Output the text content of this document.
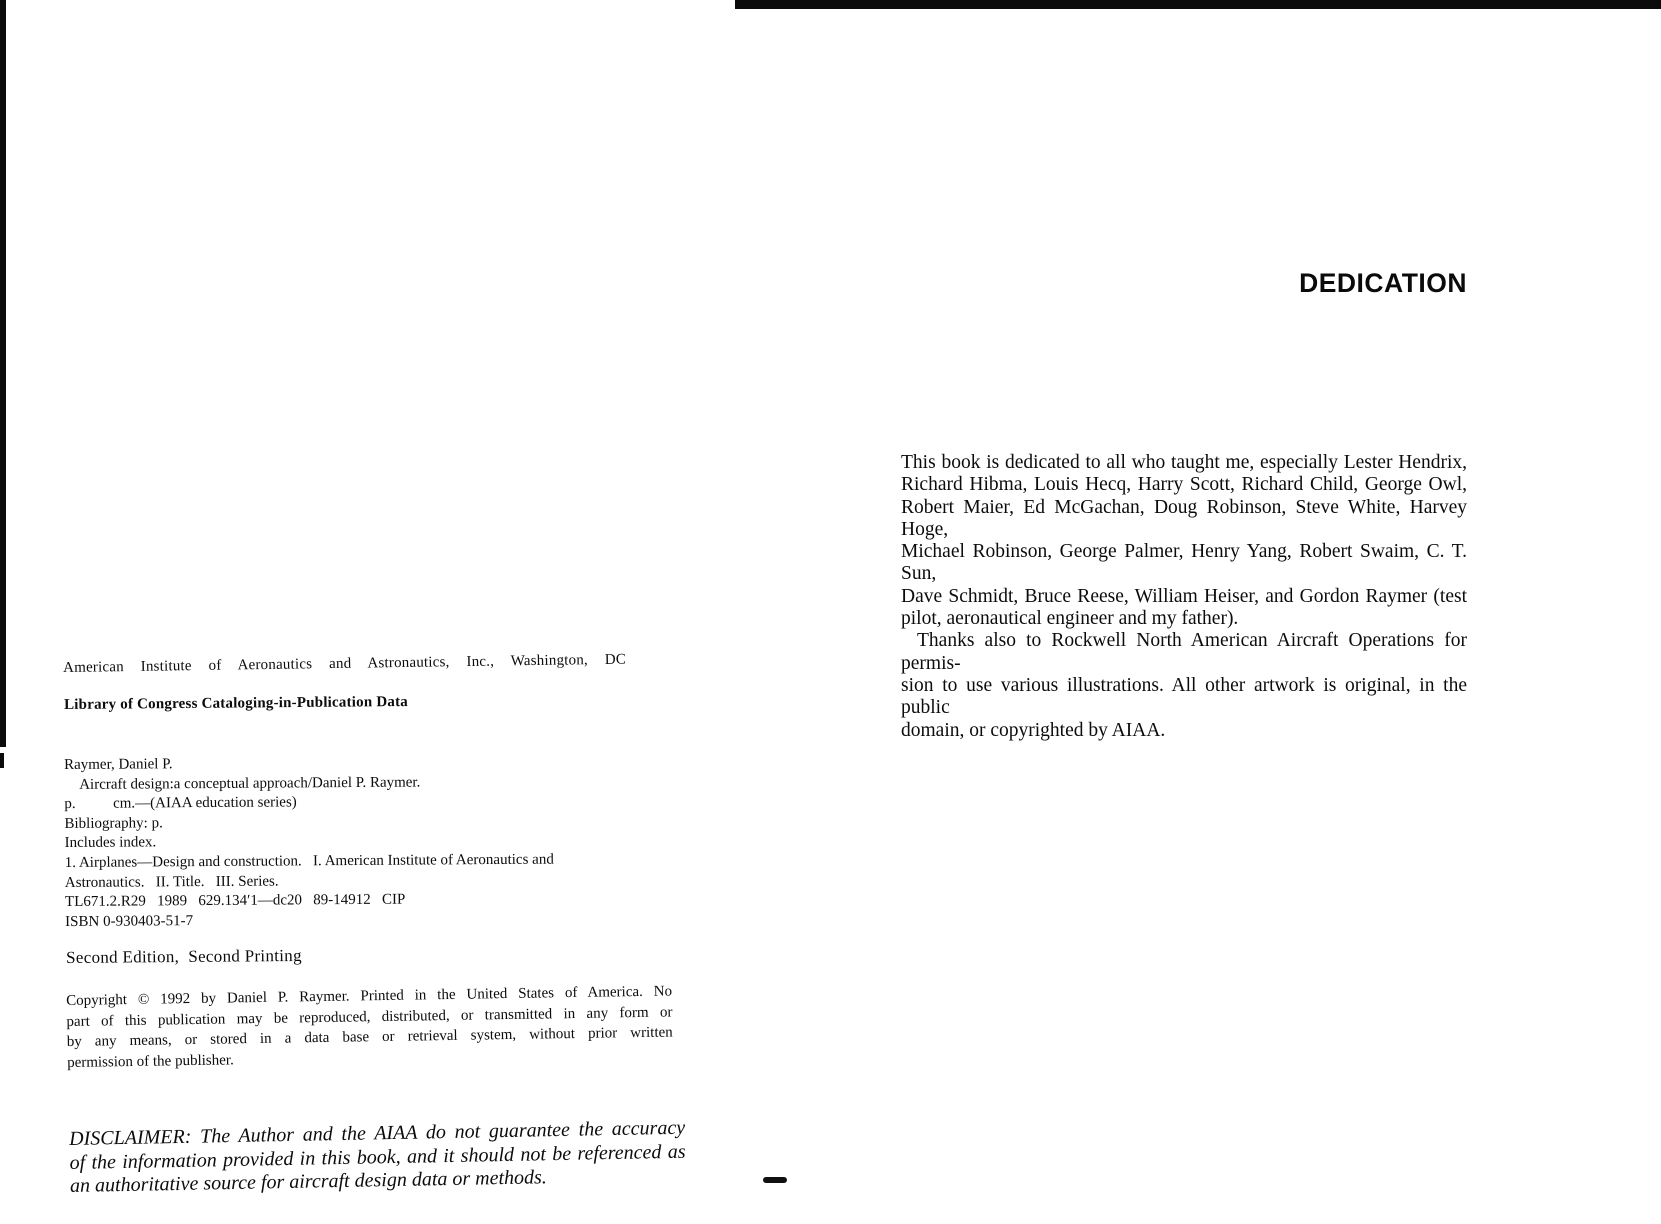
American Institute of Aeronautics and Astronautics, Inc., Washington, DC
Library of Congress Cataloging-in-Publication Data
Raymer, Daniel P.
Aircraft design:a conceptual approach/Daniel P. Raymer.
p.          cm.—(AIAA education series)
Bibliography: p.
Includes index.
1. Airplanes—Design and construction.   I. American Institute of Aeronautics and
Astronautics.   II. Title.   III. Series.
TL671.2.R29   1989   629.134′1—dc20   89-14912   CIP
ISBN 0-930403-51-7
Second Edition,  Second Printing
Copyright © 1992 by Daniel P. Raymer. Printed in the United States of America. No
part of this publication may be reproduced, distributed, or transmitted in any form or
by any means, or stored in a data base or retrieval system, without prior written
permission of the publisher.
DISCLAIMER: The Author and the AIAA do not guarantee the accuracy
of the information provided in this book, and it should not be referenced as
an authoritative source for aircraft design data or methods.
DEDICATION
This book is dedicated to all who taught me, especially Lester Hendrix,
Richard Hibma, Louis Hecq, Harry Scott, Richard Child, George Owl,
Robert Maier, Ed McGachan, Doug Robinson, Steve White, Harvey Hoge,
Michael Robinson, George Palmer, Henry Yang, Robert Swaim, C. T. Sun,
Dave Schmidt, Bruce Reese, William Heiser, and Gordon Raymer (test
pilot, aeronautical engineer and my father).
Thanks also to Rockwell North American Aircraft Operations for permis-
sion to use various illustrations. All other artwork is original, in the public
domain, or copyrighted by AIAA.
